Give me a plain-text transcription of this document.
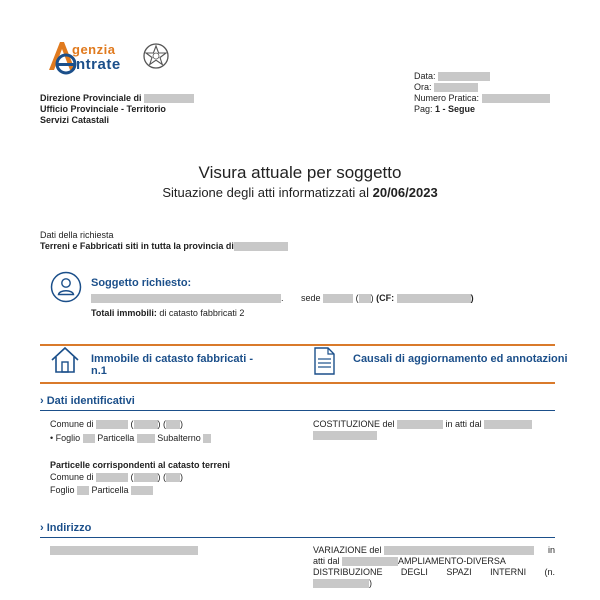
genzia
ntrate
Direzione Provinciale di
Ufficio Provinciale - Territorio
Servizi Catastali
Data:
Ora:
Numero Pratica:
Pag: 1 - Segue
Visura attuale per soggetto
Situazione degli atti informatizzati al 20/06/2023
Dati della richiesta
Terreni e Fabbricati siti in tutta la provincia di
Soggetto richiesto:
. sede	( ) (CF:	)
Totali immobili: di catasto fabbricati 2
Immobile di catasto fabbricati - n.1
Causali di aggiornamento ed annotazioni
› Dati identificativi
Comune di	(	) ( )
• Foglio Particella	Subalterno
COSTITUZIONE del	in atti dal

Particelle corrispondenti al catasto terreni
Comune di	(	) ( )
Foglio Particella
› Indirizzo
VARIAZIONE del	in
atti dal	AMPLIAMENTO-DIVERSA
DISTRIBUZIONE DEGLI SPAZI INTERNI (n.
)
